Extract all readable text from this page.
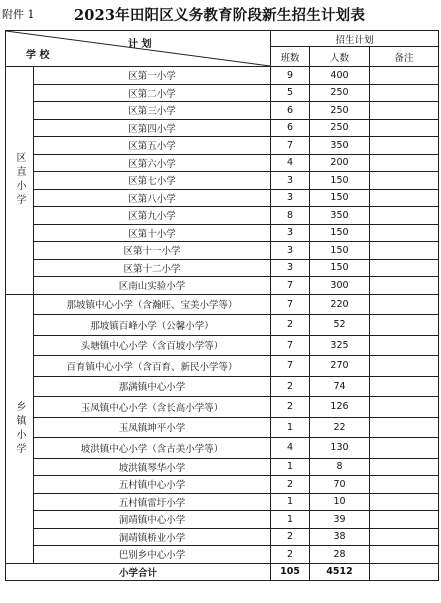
附件 1	2023年田阳区义务教育阶段新生招生计划表
计 划
学 校		招生计划		
		班数	人数	备注
区直小学	区第一小学	9	400	
	区第二小学	5	250	
	区第三小学	6	250	
	区第四小学	6	250	
	区第五小学	7	350	
	区第六小学	4	200	
	区第七小学	3	150	
	区第八小学	3	150	
	区第九小学	8	350	
	区第十小学	3	150	
	区第十一小学	3	150	
	区第十二小学	3	150	
	区南山实验小学	7	300	
乡镇小学	那坡镇中心小学（含瀚旺、宝美小学等）	7	220	
	那坡镇百峰小学（公馨小学）	2	52	
	头塘镇中心小学（含百坡小学等）	7	325	
	百育镇中心小学（含百育、新民小学等）	7	270	
	那满镇中心小学	2	74	
	玉凤镇中心小学（含长高小学等）	2	126	
	玉凤镇坤平小学	1	22	
	坡洪镇中心小学（含古美小学等）	4	130	
	坡洪镇琴华小学	1	8	
	五村镇中心小学	2	70	
	五村镇雷圩小学	1	10	
	洞靖镇中心小学	1	39	
	洞靖镇桥业小学	2	38	
	巴别乡中心小学	2	28	
小学合计		105	4512	
